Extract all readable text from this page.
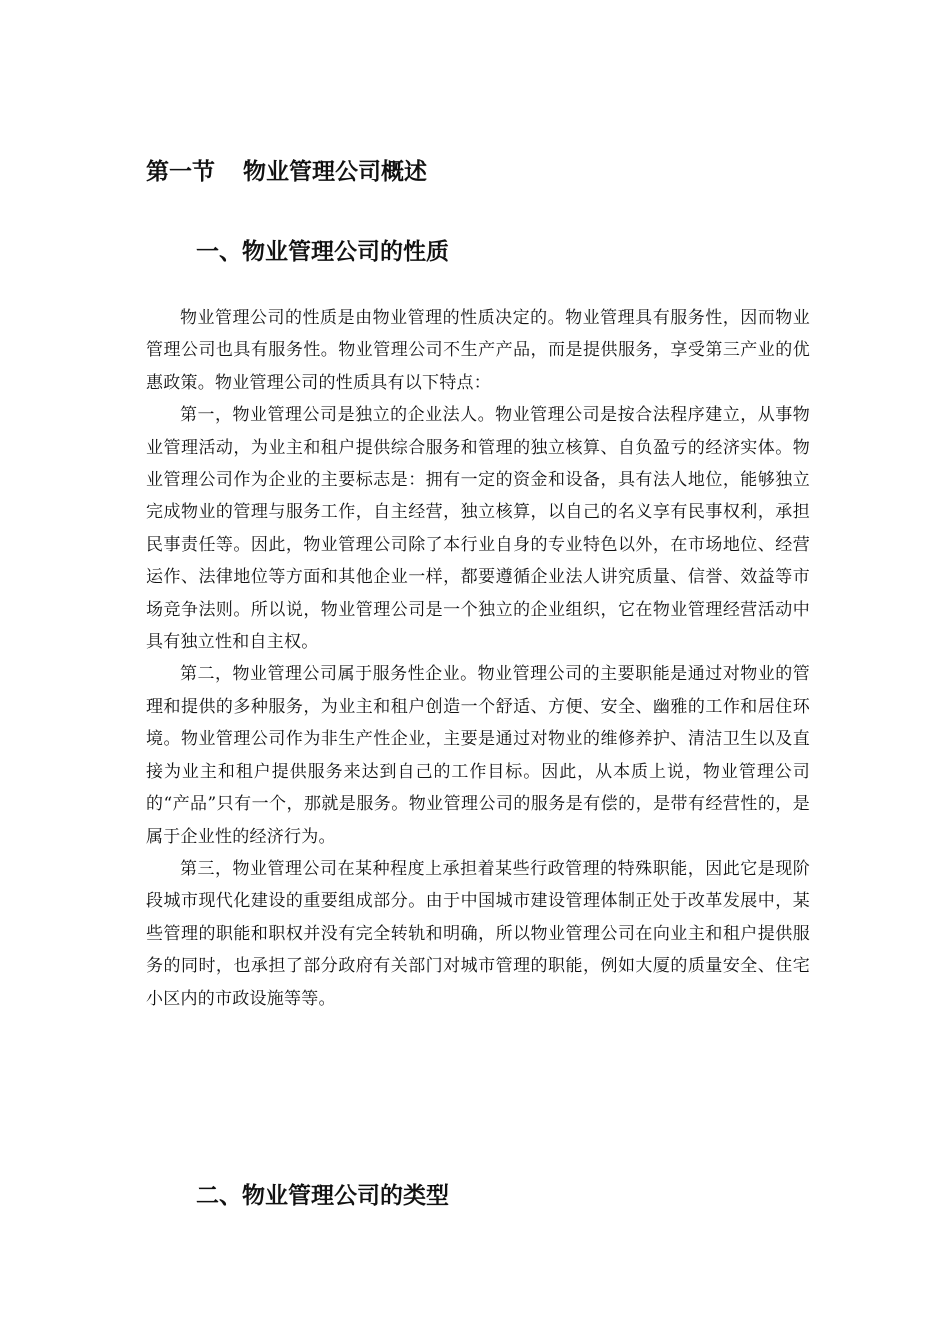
第一节 物业管理公司概述
一、物业管理公司的性质

物业管理公司的性质是由物业管理的性质决定的。物业管理具有服务性，因而物业管理公司也具有服务性。物业管理公司不生产产品，而是提供服务，享受第三产业的优惠政策。物业管理公司的性质具有以下特点：

第一，物业管理公司是独立的企业法人。物业管理公司是按合法程序建立，从事物业管理活动，为业主和租户提供综合服务和管理的独立核算、自负盈亏的经济实体。物业管理公司作为企业的主要标志是：拥有一定的资金和设备，具有法人地位，能够独立完成物业的管理与服务工作，自主经营，独立核算，以自己的名义享有民事权利，承担民事责任等。因此，物业管理公司除了本行业自身的专业特色以外，在市场地位、经营运作、法律地位等方面和其他企业一样，都要遵循企业法人讲究质量、信誉、效益等市场竞争法则。所以说，物业管理公司是一个独立的企业组织，它在物业管理经营活动中具有独立性和自主权。

第二，物业管理公司属于服务性企业。物业管理公司的主要职能是通过对物业的管理和提供的多种服务，为业主和租户创造一个舒适、方便、安全、幽雅的工作和居住环境。物业管理公司作为非生产性企业，主要是通过对物业的维修养护、清洁卫生以及直接为业主和租户提供服务来达到自己的工作目标。因此，从本质上说，物业管理公司的“产品”只有一个，那就是服务。物业管理公司的服务是有偿的，是带有经营性的，是属于企业性的经济行为。

第三，物业管理公司在某种程度上承担着某些行政管理的特殊职能，因此它是现阶段城市现代化建设的重要组成部分。由于中国城市建设管理体制正处于改革发展中，某些管理的职能和职权并没有完全转轨和明确，所以物业管理公司在向业主和租户提供服务的同时，也承担了部分政府有关部门对城市管理的职能，例如大厦的质量安全、住宅小区内的市政设施等等。

二、物业管理公司的类型
